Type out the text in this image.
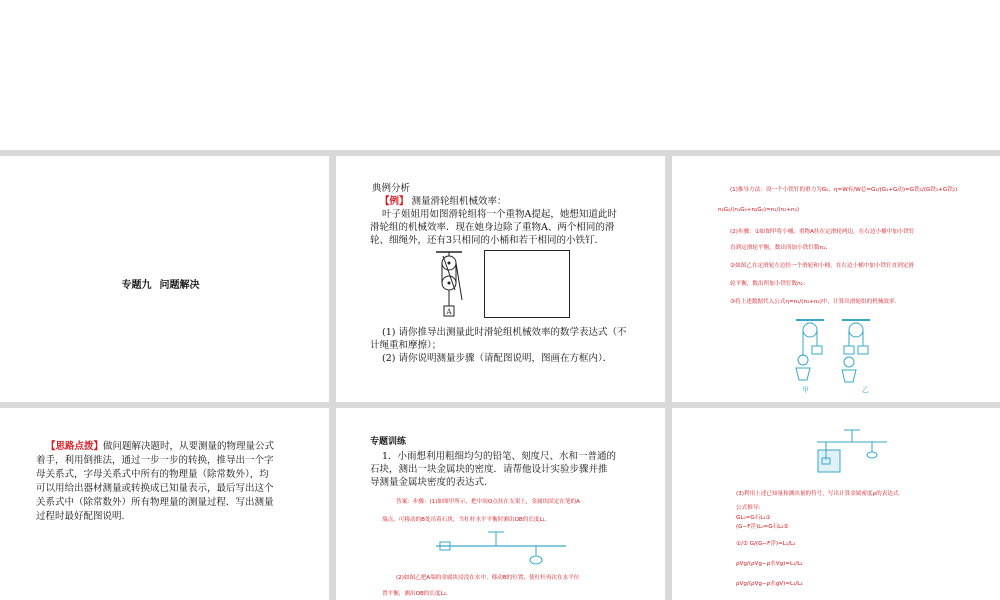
专题九 问题解决
典例分析
【例】 测量滑轮组机械效率：
叶子姐姐用如图滑轮组将一个重物A提起，她想知道此时
滑轮组的机械效率．现在她身边除了重物A、两个相同的滑
轮、细绳外，还有3只相同的小桶和若干相同的小铁钉．
A
(1) 请你推导出测量此时滑轮组机械效率的数学表达式（不
计绳重和摩擦）；
(2) 请你说明测量步骤（请配图说明，图画在方框内）．
(1)推导方法：设一个小铁钉的重力为G₀，η=W有/W总=G₁/(G₁+G动)=G铁₁/(G铁₁+G铁₂)
n₁G₀/(n₁G₀+n₂G₀)=n₁/(n₁+n₂)
(2)步骤：①如图甲将小桶、重物A挂在定滑轮两边，在右边小桶中加小铁钉
直到定滑轮平衡，数出所加小铁钉数n₁；
②如图乙在定滑轮左边挂一个滑轮和小桶，在右边小桶中加小铁钉直到定滑
轮平衡，数出所加小铁钉数n₂；
③将上述数据代入公式η=n₁/(n₁+n₂)中，计算出滑轮组的机械效率.
甲	乙
【思路点拨】做问题解决题时，从要测量的物理量公式
着手，利用倒推法，通过一步一步的转换，推导出一个字
母关系式，字母关系式中所有的物理量（除常数外），均
可以用给出器材测量或转换成已知量表示，最后写出这个
关系式中（除常数外）所有物理量的测量过程．写出测量
过程时最好配图说明.
专题训练
1．小雨想利用粗细均匀的铅笔、刻度尺、水和一普通的
石块，测出一块金属块的密度．请帮他设计实验步骤并推
导测量金属块密度的表达式.
答案：步骤：(1)如图甲所示，把中间O点挂在支架上，金属块固定在笔的A
端点，可移动的B处吊着石块，当杠杆水平平衡时测出OB的长度L₁.
(2)如图乙把A端的金属块浸没在水中，移动B的位置，使杠杆再次在水平位
置平衡，测出OB的长度L₂.
(3)利用上述已知量和测出量的符号，写出计算金属密度ρ的表达式.
公式推导：
GL₀=G石L₁①
(G−F浮)L₀=G石L₂②
①/② G/(G−F浮)=L₁/L₂
ρVg/(ρVg−ρ水Vg)=L₁/L₂
ρVg/(ρVg−ρ水gV)=L₁/L₂
